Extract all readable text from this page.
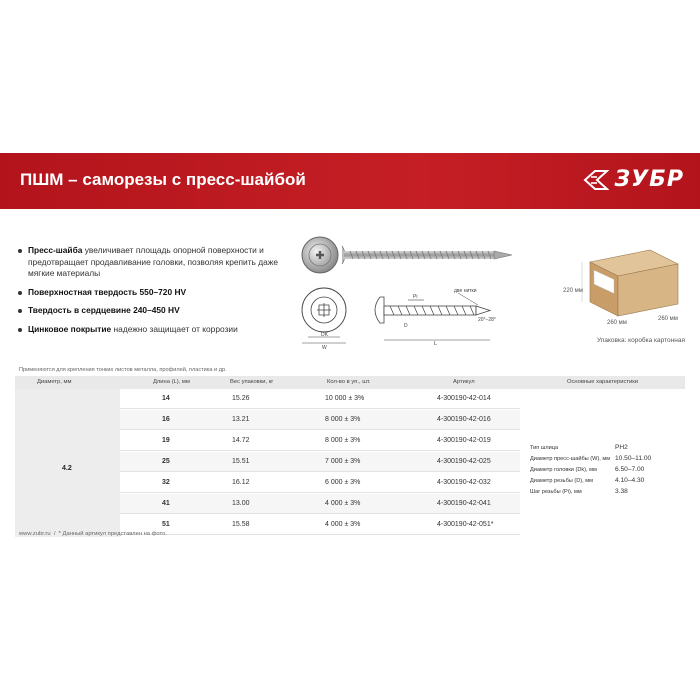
ПШМ – саморезы с пресс-шайбой	ЗУБР
Пресс-шайба увеличивает площадь опорной поверхности и предотвращает продавливание головки, позволяя крепить даже мягкие материалы
Поверхностная твердость 550–720 HV
Твердость в сердцевине 240–450 HV
Цинковое покрытие надежно защищает от коррозии
DK
W
L
Pi
D
две нитки
20°–28°
220 мм
260 мм
260 мм
Упаковка: коробка картонная
Применяются для крепления тонких листов металла, профилей, пластика и др.
Диаметр, мм	Длина (L), мм	Вес упаковки, кг	Кол-во в уп., шт.	Артикул	Основные характеристики
4.2
14	15.26	10 000 ± 3%	4-300190-42-014
16	13.21	8 000 ± 3%	4-300190-42-016
19	14.72	8 000 ± 3%	4-300190-42-019
25	15.51	7 000 ± 3%	4-300190-42-025
32	16.12	6 000 ± 3%	4-300190-42-032
41	13.00	4 000 ± 3%	4-300190-42-041
51	15.58	4 000 ± 3%	4-300190-42-051*
Тип шлица	PH2
Диаметр пресс-шайбы (W), мм 10.50–11.00
Диаметр головки (Dk), мм	6.50–7.00
Диаметр резьбы (D), мм	4.10–4.30
Шаг резьбы (Pi), мм	3.38
www.zubr.ru / * Данный артикул представлен на фото.
